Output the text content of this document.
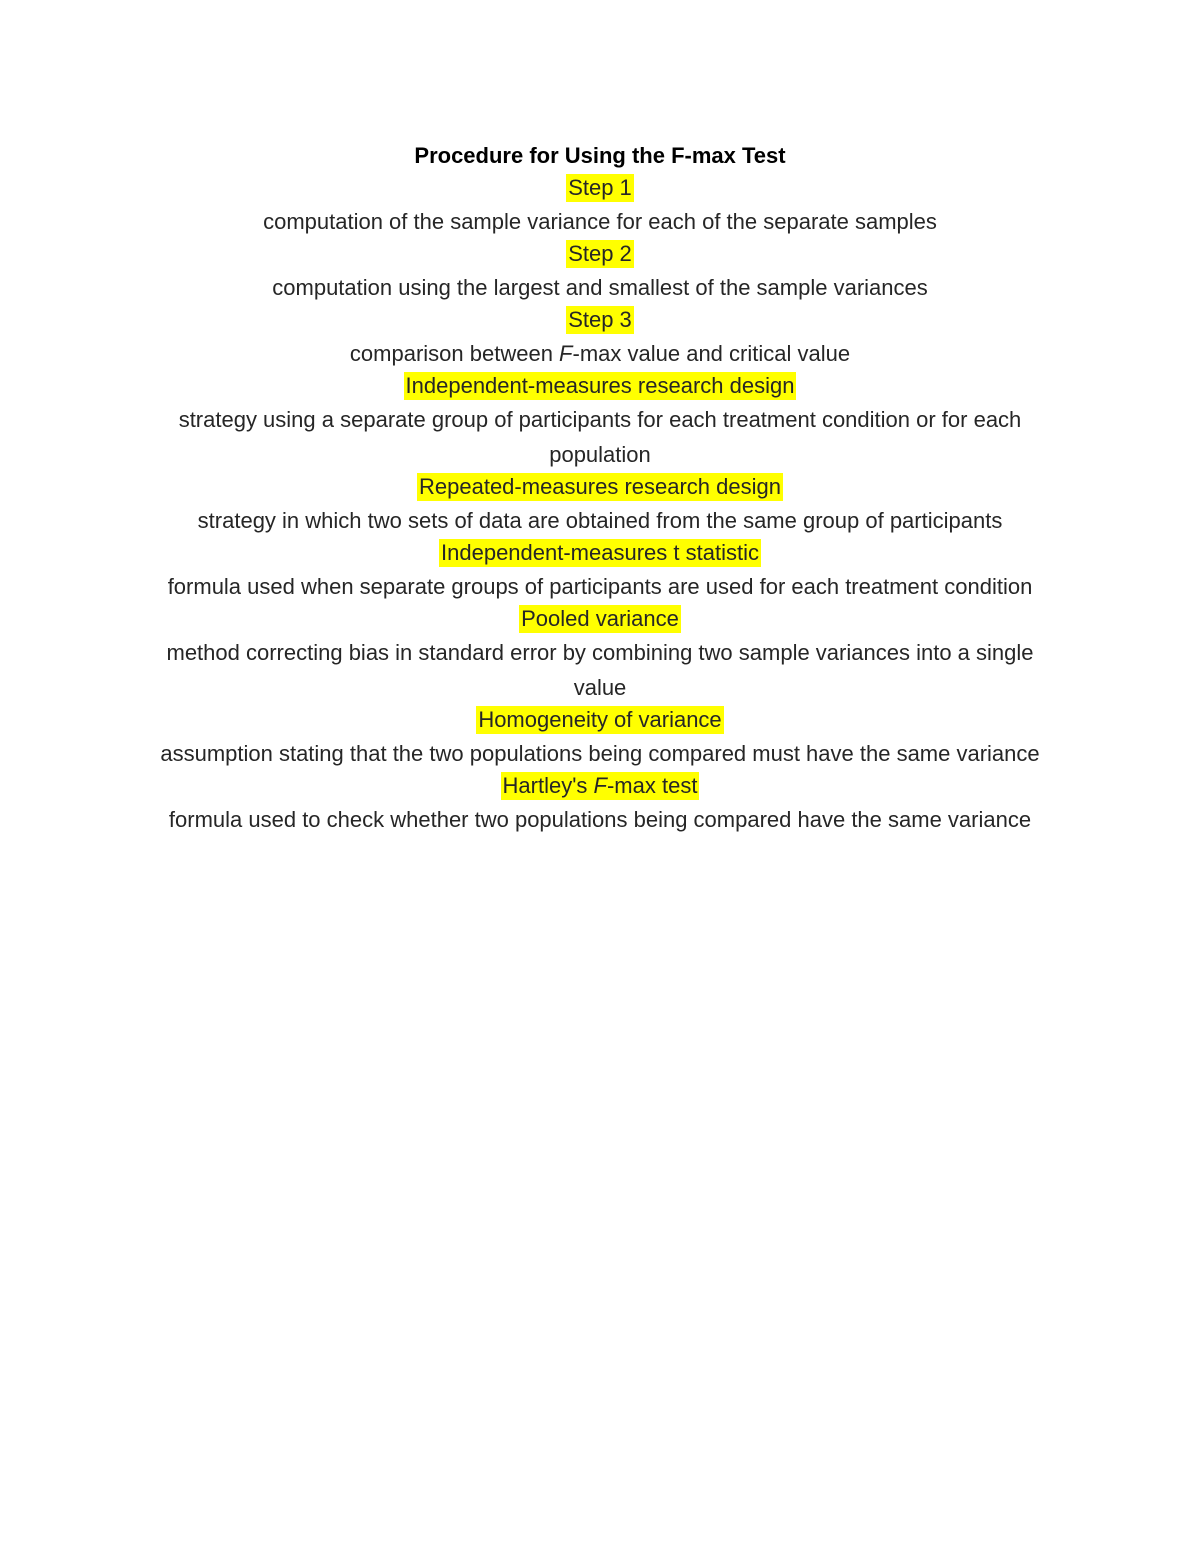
Procedure for Using the F-max Test

Step 1

computation of the sample variance for each of the separate samples

Step 2

computation using the largest and smallest of the sample variances

Step 3

comparison between F-max value and critical value

Independent-measures research design

strategy using a separate group of participants for each treatment condition or for each population

Repeated-measures research design

strategy in which two sets of data are obtained from the same group of participants

Independent-measures t statistic

formula used when separate groups of participants are used for each treatment condition

Pooled variance

method correcting bias in standard error by combining two sample variances into a single value

Homogeneity of variance

assumption stating that the two populations being compared must have the same variance

Hartley's F-max test

formula used to check whether two populations being compared have the same variance
